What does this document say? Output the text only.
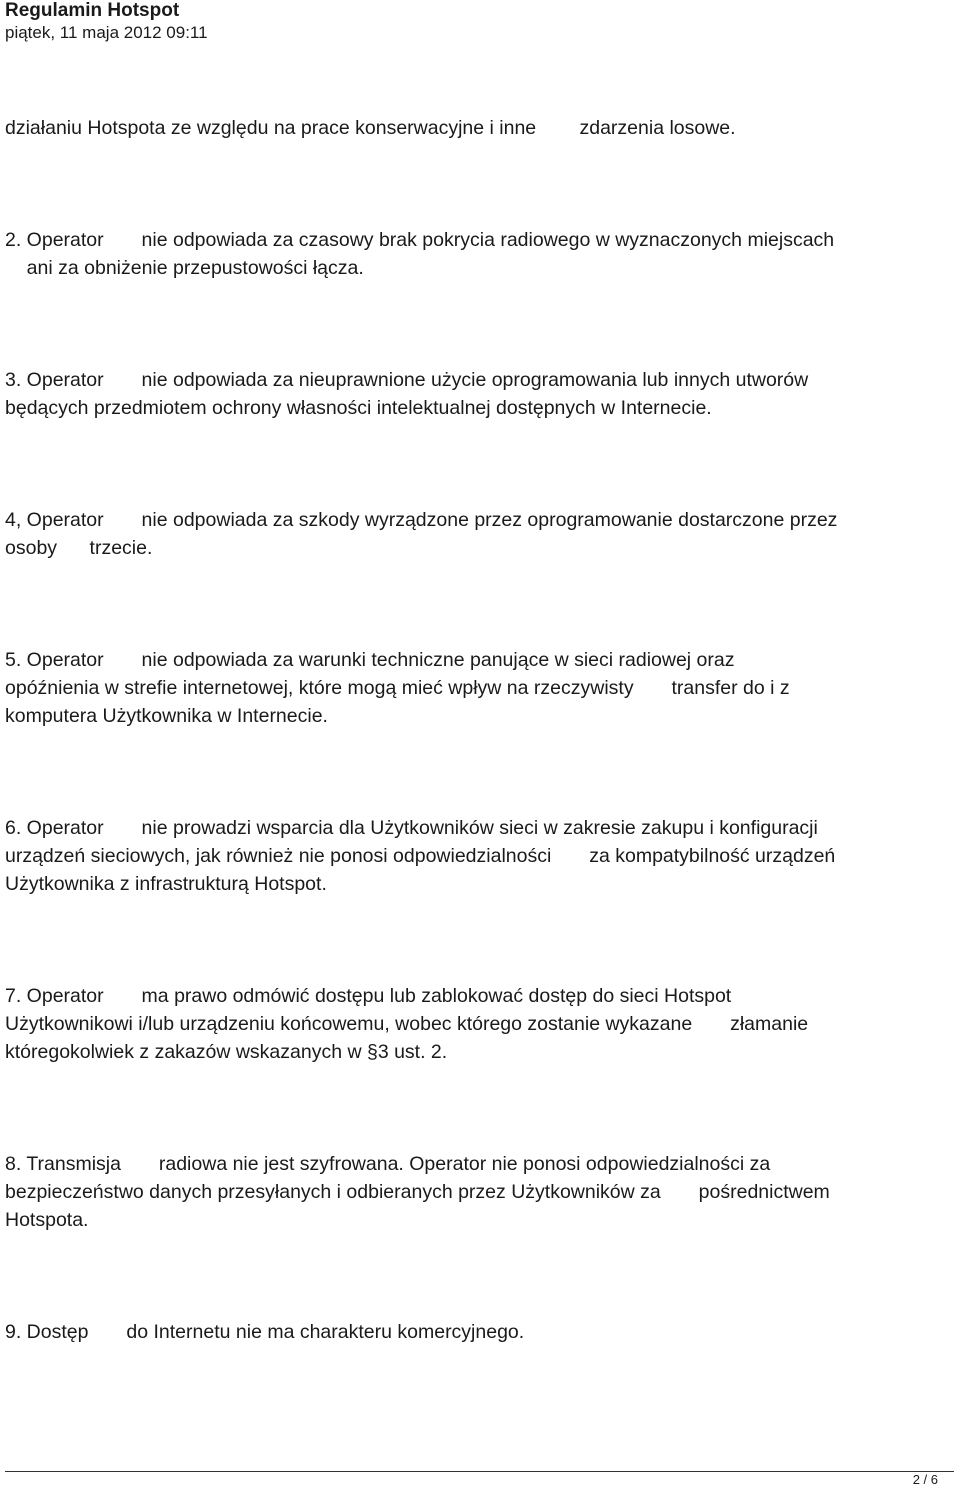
Regulamin Hotspot
piątek, 11 maja 2012 09:11

działaniu Hotspota ze względu na prace konserwacyjne i inne        zdarzenia losowe.

2. Operator       nie odpowiada za czasowy brak pokrycia radiowego w wyznaczonych miejscach
ani za obniżenie przepustowości łącza.

3. Operator       nie odpowiada za nieuprawnione użycie oprogramowania lub innych utworów
będących przedmiotem ochrony własności intelektualnej dostępnych w Internecie.

4, Operator       nie odpowiada za szkody wyrządzone przez oprogramowanie dostarczone przez
osoby      trzecie.

5. Operator       nie odpowiada za warunki techniczne panujące w sieci radiowej oraz
opóźnienia w strefie internetowej, które mogą mieć wpływ na rzeczywisty       transfer do i z
komputera Użytkownika w Internecie.

6. Operator       nie prowadzi wsparcia dla Użytkowników sieci w zakresie zakupu i konfiguracji
urządzeń sieciowych, jak również nie ponosi odpowiedzialności       za kompatybilność urządzeń
Użytkownika z infrastrukturą Hotspot.

7. Operator       ma prawo odmówić dostępu lub zablokować dostęp do sieci Hotspot
Użytkownikowi i/lub urządzeniu końcowemu, wobec którego zostanie wykazane       złamanie
któregokolwiek z zakazów wskazanych w §3 ust. 2.

8. Transmisja       radiowa nie jest szyfrowana. Operator nie ponosi odpowiedzialności za
bezpieczeństwo danych przesyłanych i odbieranych przez Użytkowników za       pośrednictwem
Hotspota.

9. Dostęp       do Internetu nie ma charakteru komercyjnego.

2 / 6
